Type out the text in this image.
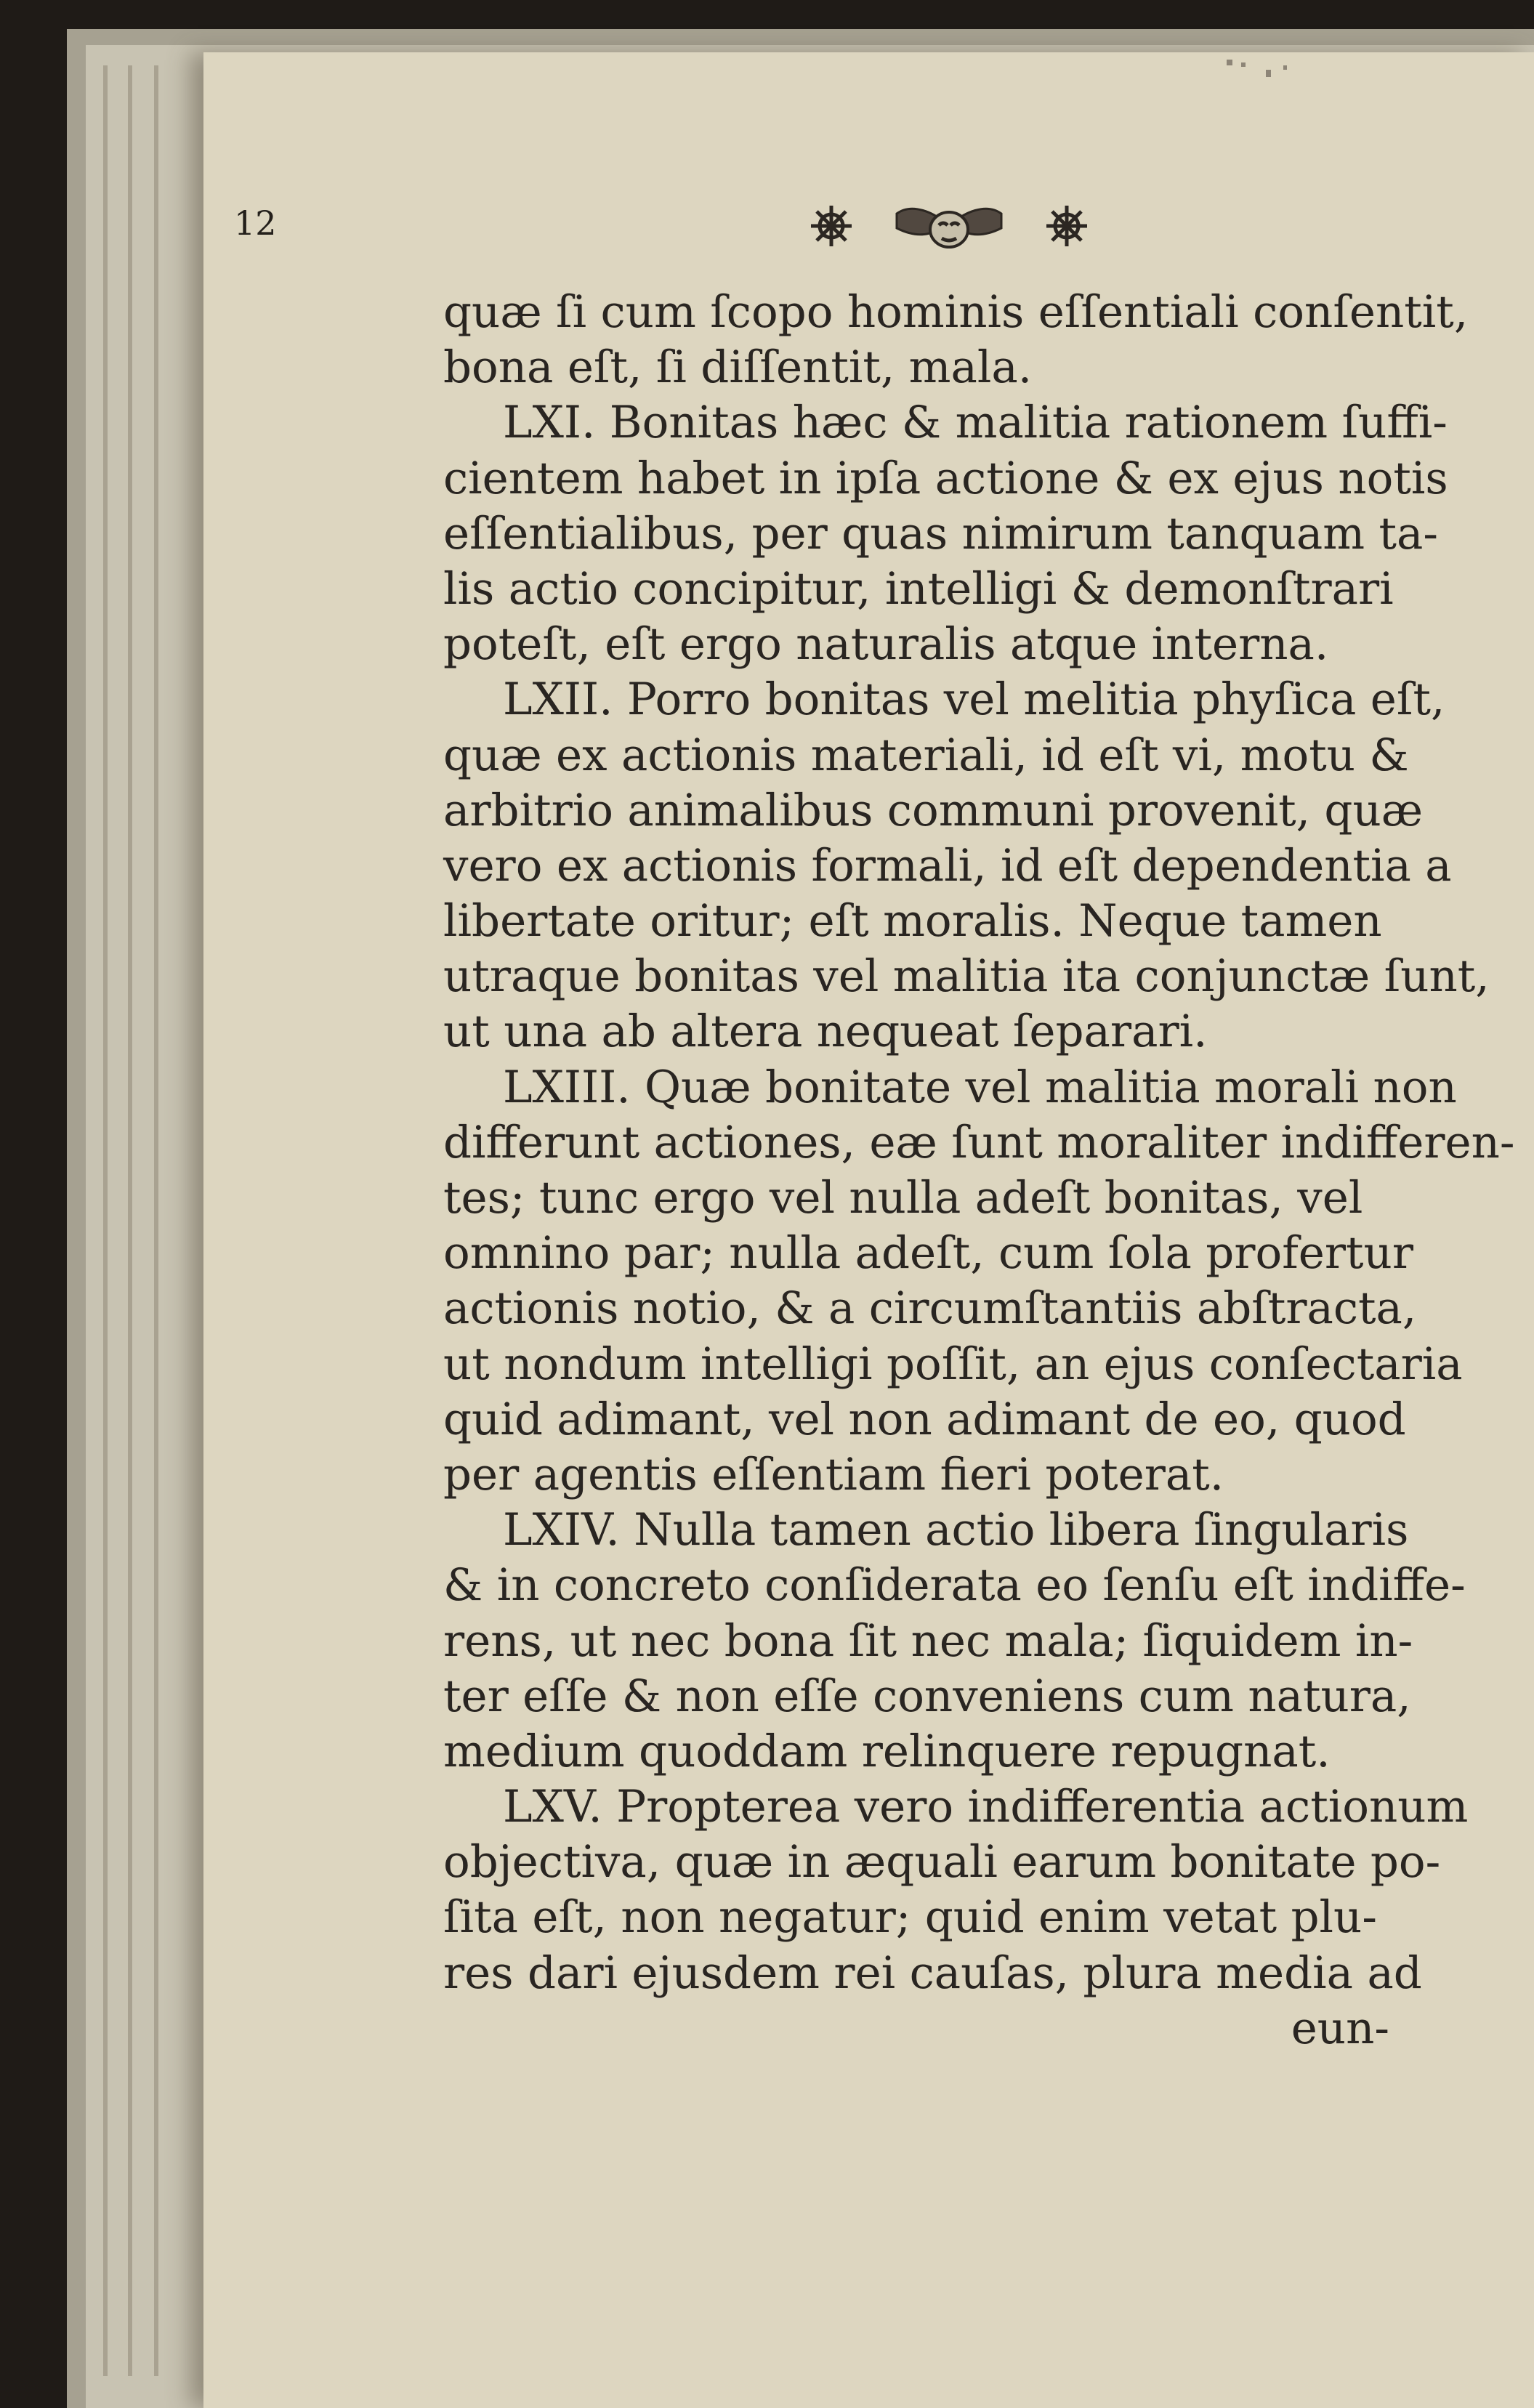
12
quæ ſi cum ſcopo hominis eſſentiali conſentit,
bona eſt, ſi diſſentit, mala.
LXI. Bonitas hæc & malitia rationem ſuffi-
cientem habet in ipſa actione & ex ejus notis
eſſentialibus, per quas nimirum tanquam ta-
lis actio concipitur, intelligi & demonſtrari
poteſt, eſt ergo naturalis atque interna.
LXII. Porro bonitas vel melitia phyſica eſt,
quæ ex actionis materiali, id eſt vi, motu &
arbitrio animalibus communi provenit, quæ
vero ex actionis formali, id eſt dependentia a
libertate oritur; eſt moralis. Neque tamen
utraque bonitas vel malitia ita conjunctæ ſunt,
ut una ab altera nequeat ſeparari.
LXIII. Quæ bonitate vel malitia morali non
differunt actiones, eæ ſunt moraliter indifferen-
tes; tunc ergo vel nulla adeſt bonitas, vel
omnino par; nulla adeſt, cum ſola profertur
actionis notio, & a circumſtantiis abſtracta,
ut nondum intelligi poſſit, an ejus conſectaria
quid adimant, vel non adimant de eo, quod
per agentis eſſentiam fieri poterat.
LXIV. Nulla tamen actio libera ſingularis
& in concreto conſiderata eo ſenſu eſt indiffe-
rens, ut nec bona ſit nec mala; ſiquidem in-
ter eſſe & non eſſe conveniens cum natura,
medium quoddam relinquere repugnat.
LXV. Propterea vero indifferentia actionum
objectiva, quæ in æquali earum bonitate po-
ſita eſt, non negatur; quid enim vetat plu-
res dari ejusdem rei cauſas, plura media ad
eun-
